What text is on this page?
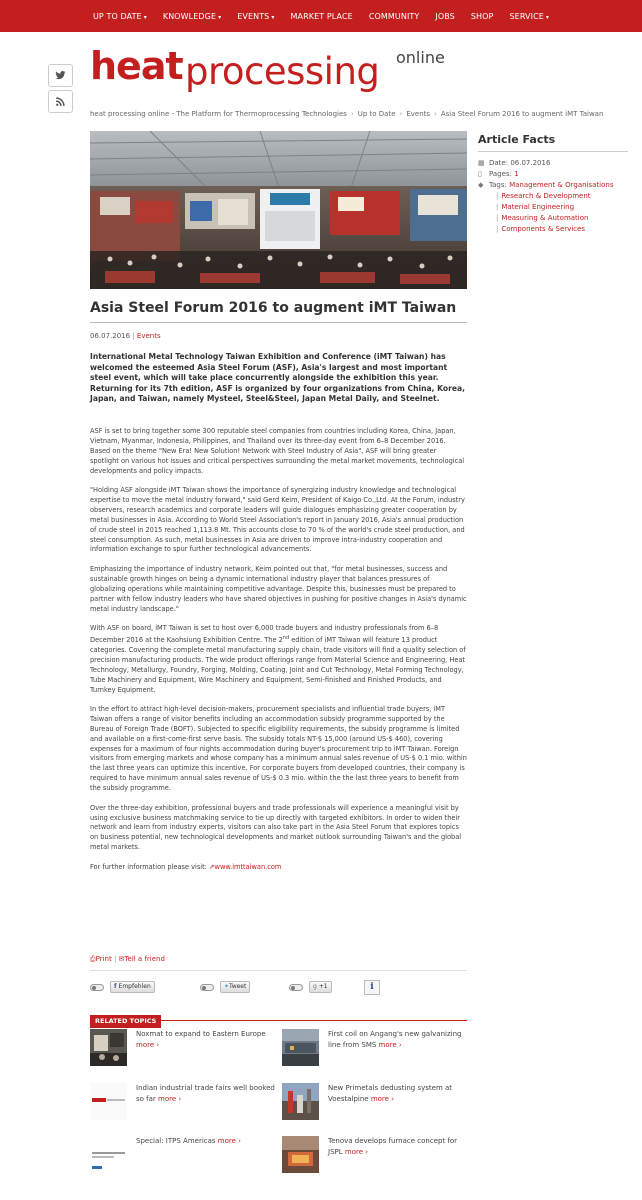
UP TO DATE ▾	KNOWLEDGE ▾	EVENTS ▾	MARKET PLACE	COMMUNITY	JOBS	SHOP	SERVICE ▾
heat processing online
heat processing online - The Platform for Thermoprocessing Technologies › Up to Date › Events › Asia Steel Forum 2016 to augment iMT Taiwan
Article Facts
▦ Date:
06.07.2016
▯	Pages:
1
◆ Tags:
Management & Organisations
| Research & Development
| Material Engineering
| Measuring & Automation
| Components & Services
Asia Steel Forum 2016 to augment iMT Taiwan
06.07.2016 | Events

International Metal Technology Taiwan Exhibition and Conference (iMT Taiwan) has welcomed the esteemed Asia Steel Forum (ASF), Asia's largest and most important steel event, which will take place concurrently alongside the exhibition this year. Returning for its 7th edition, ASF is organized by four organizations from China, Korea, Japan, and Taiwan, namely Mysteel, Steel&Steel, Japan Metal Daily, and Steelnet.

ASF is set to bring together some 300 reputable steel companies from countries including Korea, China, Japan, Vietnam, Myanmar, Indonesia, Philippines, and Thailand over its three-day event from 6–8 December 2016. Based on the theme "New Era! New Solution! Network with Steel Industry of Asia", ASF will bring greater spotlight on various hot issues and critical perspectives surrounding the metal market movements, technological developments and policy impacts.

"Holding ASF alongside iMT Taiwan shows the importance of synergizing industry knowledge and technological expertise to move the metal industry forward," said Gerd Keim, President of Kaigo Co.,Ltd. At the Forum, industry observers, research academics and corporate leaders will guide dialogues emphasizing greater cooperation by metal businesses in Asia. According to World Steel Association's report in January 2016, Asia's annual production of crude steel in 2015 reached 1,113.8 Mt. This accounts close to 70 % of the world's crude steel production, and steel consumption. As such, metal businesses in Asia are driven to improve intra-industry cooperation and information exchange to spur further technological advancements.

Emphasizing the importance of industry network, Keim pointed out that, "for metal businesses, success and sustainable growth hinges on being a dynamic international industry player that balances pressures of globalizing operations while maintaining competitive advantage. Despite this, businesses must be prepared to partner with fellow industry leaders who have shared objectives in pushing for positive changes in Asia's dynamic metal industry landscape."

With ASF on board, iMT Taiwan is set to host over 6,000 trade buyers and industry professionals from 6–8 December 2016 at the Kaohsiung Exhibition Centre. The 2nd edition of iMT Taiwan will feature 13 product categories. Covering the complete metal manufacturing supply chain, trade visitors will find a quality selection of precision manufacturing products. The wide product offerings range from Material Science and Engineering, Heat Technology, Metallurgy, Foundry, Forging, Molding, Coating, Joint and Cut Technology, Metal Forming Technology, Tube Machinery and Equipment, Wire Machinery and Equipment, Semi-finished and Finished Products, and Turnkey Equipment.

In the effort to attract high-level decision-makers, procurement specialists and influential trade buyers, iMT Taiwan offers a range of visitor benefits including an accommodation subsidy programme supported by the Bureau of Foreign Trade (BOFT). Subjected to specific eligibility requirements, the subsidy programme is limited and available on a first-come-first serve basis. The subsidy totals NT-$ 15,000 (around US-$ 460), covering expenses for a maximum of four nights accommodation during buyer's procurement trip to iMT Taiwan. Foreign visitors from emerging markets and whose company has a minimum annual sales revenue of US-$ 0.1 mio. within the last three years can optimize this incentive. For corporate buyers from developed countries, their company is required to have minimum annual sales revenue of US-$ 0.3 mio. within the the last three years to benefit from the subsidy programme.

Over the three-day exhibition, professional buyers and trade professionals will experience a meaningful visit by using exclusive business matchmaking service to tie up directly with targeted exhibitors. In order to widen their network and learn from industry experts, visitors can also take part in the Asia Steel Forum that explores topics on business potential, new technological developments and market outlook surrounding Taiwan's and the global metal markets.

For further information please visit: ⇗www.imttaiwan.com

⎙Print | ✉Tell a friend
f Empfehlen	✦Tweet	g +1	i
RELATED TOPICS
Noxmat to expand to Eastern Europe more ›
First coil on Angang's new galvanizing line from SMS more ›
Indian industrial trade fairs well booked so far more ›
New Primetals dedusting system at Voestalpine more ›
Special: ITPS Americas more ›	Tenova develops furnace concept for JSPL more ›
